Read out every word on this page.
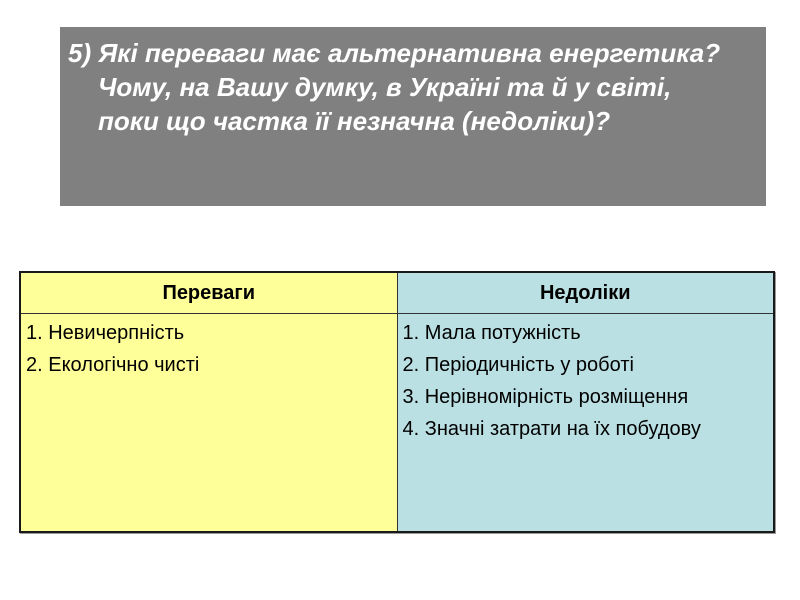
5) Які переваги має альтернативна енергетика? Чому, на Вашу думку, в Україні та й у світі, поки що частка її незначна (недоліки)?

Переваги	Недоліки

1. Невичерпність
2. Екологічно чисті

1. Мала потужність
2. Періодичність у роботі
3. Нерівномірність розміщення
4. Значні затрати на їх побудову
